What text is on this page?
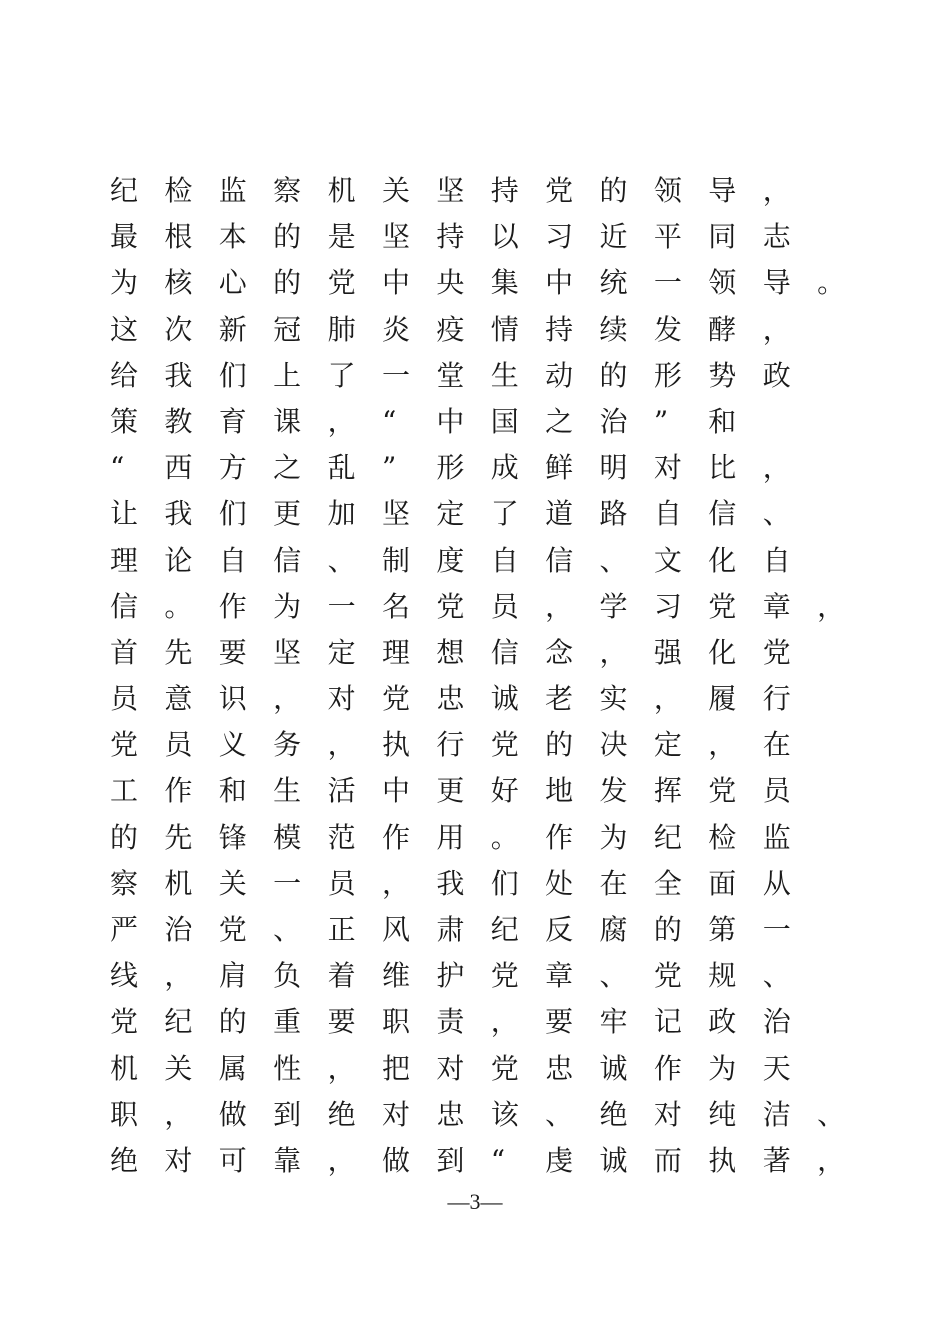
纪 检 监 察 机 关 坚 持 党 的 领 导 ，
最 根 本 的 是 坚 持 以 习 近 平 同 志
为 核 心 的 党 中 央 集 中 统 一 领 导 。
这 次 新 冠 肺 炎 疫 情 持 续 发 酵 ，
给 我 们 上 了 一 堂 生 动 的 形 势 政
策 教 育 课 ， “ 中 国 之 治 ” 和
“ 西 方 之 乱 ” 形 成 鲜 明 对 比 ，
让 我 们 更 加 坚 定 了 道 路 自 信 、
理 论 自 信 、 制 度 自 信 、 文 化 自
信 。 作 为 一 名 党 员 ， 学 习 党 章 ，
首 先 要 坚 定 理 想 信 念 ， 强 化 党
员 意 识 ， 对 党 忠 诚 老 实 ， 履 行
党 员 义 务 ， 执 行 党 的 决 定 ， 在
工 作 和 生 活 中 更 好 地 发 挥 党 员
的 先 锋 模 范 作 用 。 作 为 纪 检 监
察 机 关 一 员 ， 我 们 处 在 全 面 从
严 治 党 、 正 风 肃 纪 反 腐 的 第 一
线 ， 肩 负 着 维 护 党 章 、 党 规 、
党 纪 的 重 要 职 责 ， 要 牢 记 政 治
机 关 属 性 ， 把 对 党 忠 诚 作 为 天
职 ， 做 到 绝 对 忠 该 、 绝 对 纯 洁 、
绝 对 可 靠 ， 做 到 “ 虔 诚 而 执 著 ，
—3—
